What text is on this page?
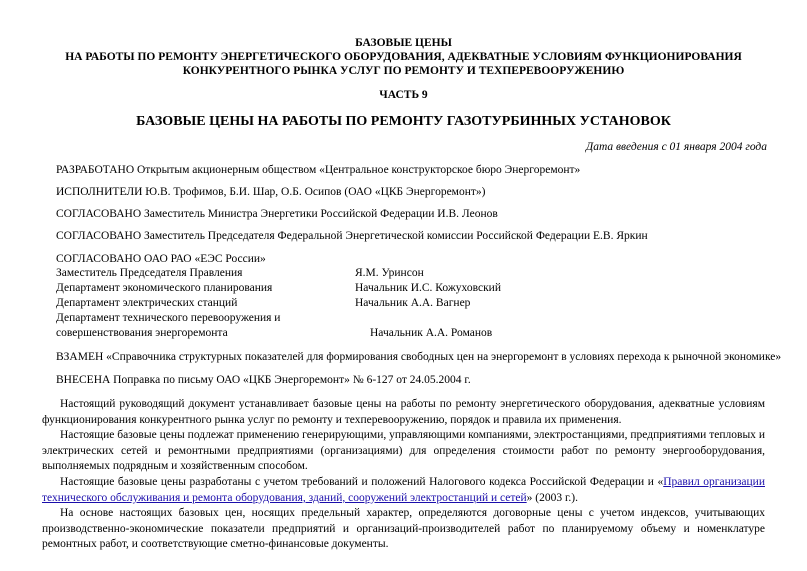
БАЗОВЫЕ ЦЕНЫ
НА РАБОТЫ ПО РЕМОНТУ ЭНЕРГЕТИЧЕСКОГО ОБОРУДОВАНИЯ, АДЕКВАТНЫЕ УСЛОВИЯМ ФУНКЦИОНИРОВАНИЯ
КОНКУРЕНТНОГО РЫНКА УСЛУГ ПО РЕМОНТУ И ТЕХПЕРЕВООРУЖЕНИЮ
ЧАСТЬ 9
БАЗОВЫЕ ЦЕНЫ НА РАБОТЫ ПО РЕМОНТУ ГАЗОТУРБИННЫХ УСТАНОВОК
Дата введения с 01 января 2004 года
РАЗРАБОТАНО Открытым акционерным обществом «Центральное конструкторское бюро Энергоремонт»
ИСПОЛНИТЕЛИ Ю.В. Трофимов, Б.И. Шар, О.Б. Осипов (ОАО «ЦКБ Энергоремонт»)
СОГЛАСОВАНО Заместитель Министра Энергетики Российской Федерации И.В. Леонов
СОГЛАСОВАНО Заместитель Председателя Федеральной Энергетической комиссии Российской Федерации Е.В. Яркин
СОГЛАСОВАНО ОАО РАО «ЕЭС России»
Заместитель Председателя Правления	Я.М. Уринсон
Департамент экономического планирования	Начальник И.С. Кожуховский
Департамент электрических станций	Начальник А.А. Вагнер
Департамент технического перевооружения и
совершенствования энергоремонта	Начальник А.А. Романов
ВЗАМЕН «Справочника структурных показателей для формирования свободных цен на энергоремонт в условиях перехода к рыночной экономике»
ВНЕСЕНА Поправка по письму ОАО «ЦКБ Энергоремонт» № 6-127 от 24.05.2004 г.
Настоящий руководящий документ устанавливает базовые цены на работы по ремонту энергетического оборудования, адекватные условиям функционирования конкурентного рынка услуг по ремонту и техперевооружению, порядок и правила их применения.
Настоящие базовые цены подлежат применению генерирующими, управляющими компаниями, электростанциями, предприятиями тепловых и электрических сетей и ремонтными предприятиями (организациями) для определения стоимости работ по ремонту энергооборудования, выполняемых подрядным и хозяйственным способом.
Настоящие базовые цены разработаны с учетом требований и положений Налогового кодекса Российской Федерации и «Правил организации технического обслуживания и ремонта оборудования, зданий, сооружений электростанций и сетей» (2003 г.).
На основе настоящих базовых цен, носящих предельный характер, определяются договорные цены с учетом индексов, учитывающих производственно-экономические показатели предприятий и организаций-производителей работ по планируемому объему и номенклатуре ремонтных работ, и соответствующие сметно-финансовые документы.
